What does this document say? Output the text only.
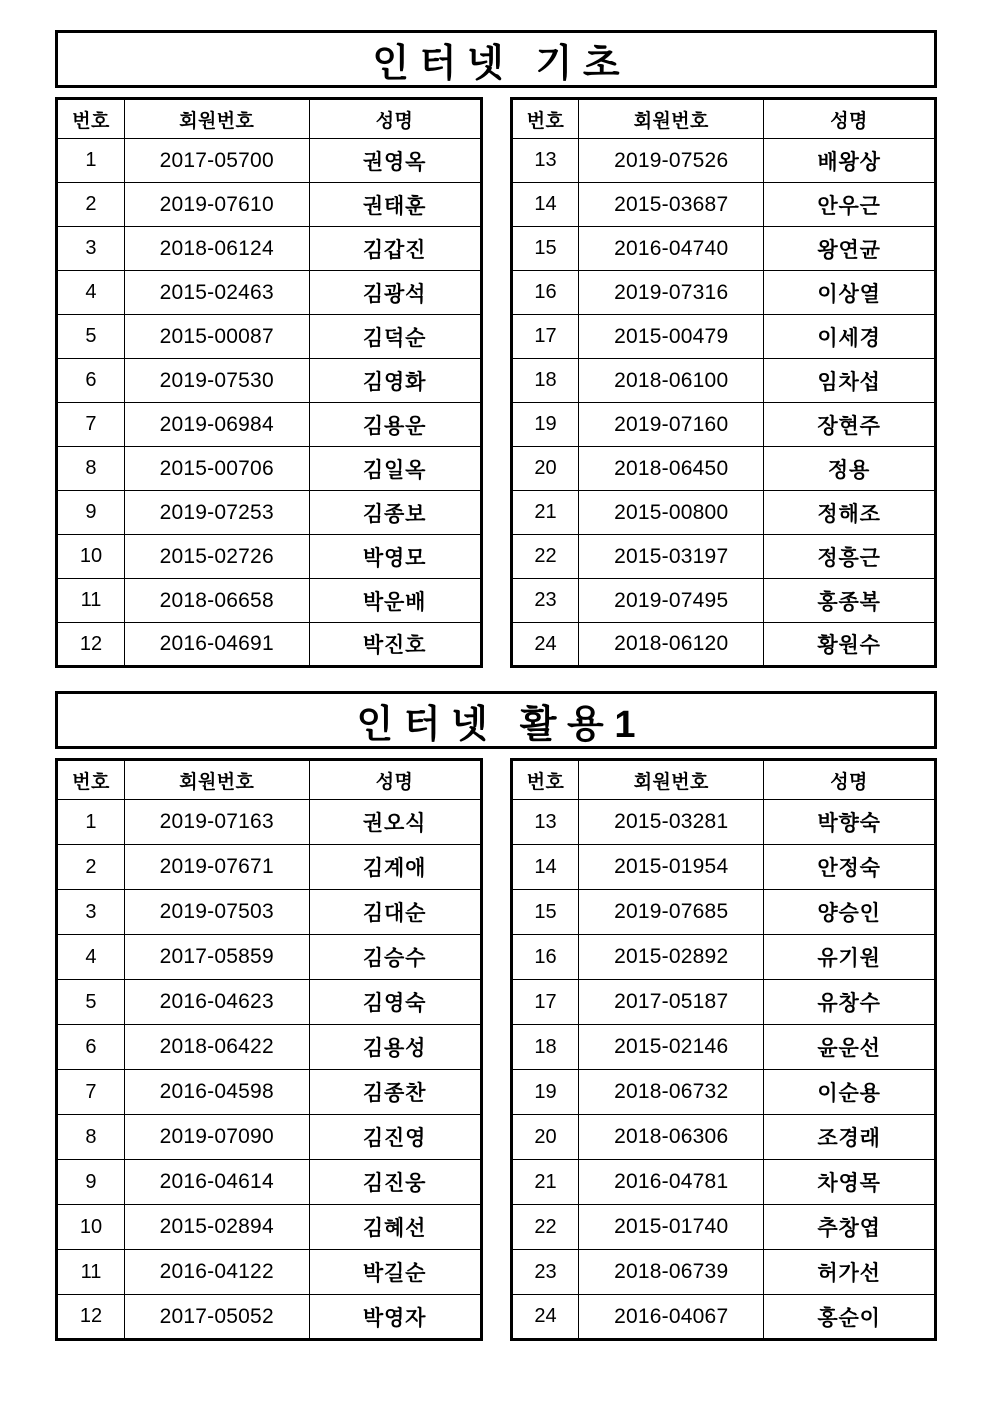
인터넷 기초
번호	회원번호	성명
1	2017-05700	권영옥
2	2019-07610	권태훈
3	2018-06124	김갑진
4	2015-02463	김광석
5	2015-00087	김덕순
6	2019-07530	김영화
7	2019-06984	김용운
8	2015-00706	김일옥
9	2019-07253	김종보
10	2015-02726	박영모
11	2018-06658	박운배
12	2016-04691	박진호
번호	회원번호	성명
13	2019-07526	배왕상
14	2015-03687	안우근
15	2016-04740	왕연균
16	2019-07316	이상열
17	2015-00479	이세경
18	2018-06100	임차섭
19	2019-07160	장현주
20	2018-06450	정용
21	2015-00800	정해조
22	2015-03197	정흥근
23	2019-07495	홍종복
24	2018-06120	황원수
인터넷 활용1
번호	회원번호	성명
1	2019-07163	권오식
2	2019-07671	김계애
3	2019-07503	김대순
4	2017-05859	김승수
5	2016-04623	김영숙
6	2018-06422	김용성
7	2016-04598	김종찬
8	2019-07090	김진영
9	2016-04614	김진웅
10	2015-02894	김혜선
11	2016-04122	박길순
12	2017-05052	박영자
번호	회원번호	성명
13	2015-03281	박향숙
14	2015-01954	안정숙
15	2019-07685	양승인
16	2015-02892	유기원
17	2017-05187	유창수
18	2015-02146	윤운선
19	2018-06732	이순용
20	2018-06306	조경래
21	2016-04781	차영목
22	2015-01740	추창엽
23	2018-06739	허가선
24	2016-04067	홍순이
